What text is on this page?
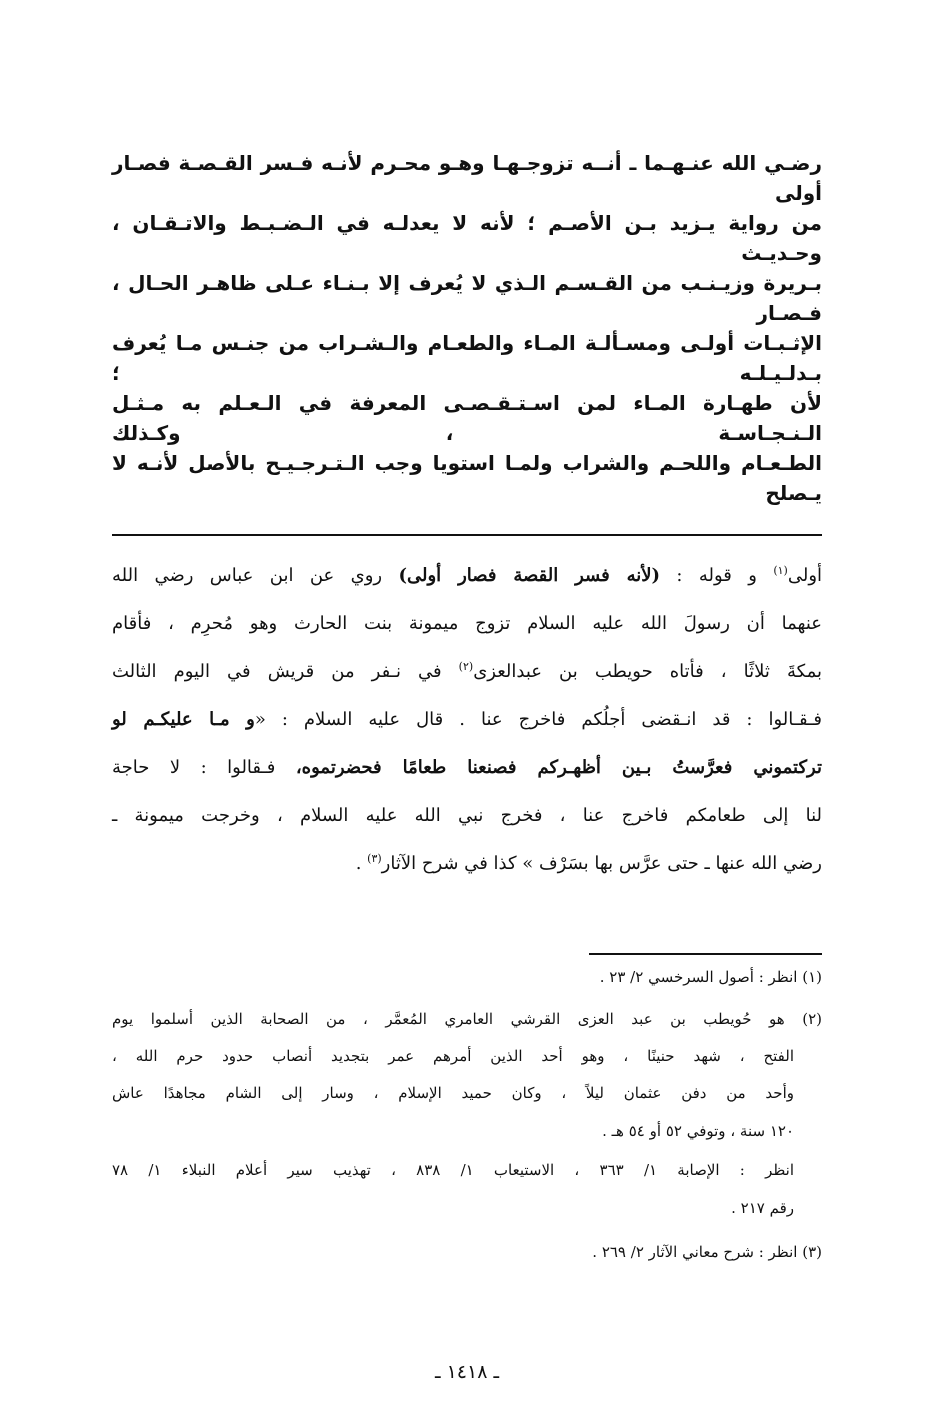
رضـي الله عنـهـما ـ أنــه تزوجـهـا وهـو محـرم لأنـه فـسر القـصـة فصـار أولى
من رواية يـزيد بـن الأصـم ؛ لأنه لا يعدلـه في الـضـبـط والاتـقـان ، وحـديـث
بـريرة وزيـنـب من القـسـم الـذي لا يُعرف إلا بـنـاء عـلى ظاهـر الحـال ، فـصـار
الإثـبـات أولـى ومسـألـة المـاء والطعـام والـشـراب من جنـس مـا يُعرف بـدلـيـلـه ؛
لأن طهـارة المـاء لمن اسـتـقـصـى المعرفة في الـعـلم به مـثـل الـنـجـاسـة ، وكـذلك
الطـعـام واللحـم والشراب ولمـا استويا وجب الـتـرجـيـح بالأصل لأنـه لا يـصلح
أولى$^{(١)}$ و قوله : (لأنه فسر القصة فصار أولى) روي عن ابن عباس رضي الله
عنهما أن رسولَ الله عليه السلام تزوج ميمونة بنت الحارث وهو مُحرِم ، فأقام
بمكةَ ثلاثًا ، فأتاه حويطب بن عبدالعزى$^{(٢)}$ في نـفر من قريش في اليوم الثالث
فـقـالوا : قد انـقضى أجلُكم فاخرج عنا . قال عليه السلام : «و مـا عليكـم لو
تركتموني فعرَّستُ بـين أظهـركم فصنعنا طعامًا فحضرتموه، فـقالوا : لا حاجة
لنا إلى طعامكم فاخرج عنا ، فخرج نبي الله عليه السلام ، وخرجت ميمونة ـ
رضي الله عنها ـ حتى عرَّس بها بسَرْف » كذا في شرح الآثار$^{(٣)}$ .
(١) انظر : أصول السرخسي ٢/ ٢٣ .
(٢) هو حُويطب بن عبد العزى القرشي العامري المُعمَّر ، من الصحابة الذين أسلموا يوم
الفتح ، شهد حنينًا ، وهو أحد الذين أمرهم عمر بتجديد أنصاب حدود حرم الله ،
وأحد من دفن عثمان ليلاً ، وكان حميد الإسلام ، وسار إلى الشام مجاهدًا عاش
١٢٠ سنة ، وتوفي ٥٢ أو ٥٤ هـ .
انظر : الإصابة ١/ ٣٦٣ ، الاستيعاب ١/ ٨٣٨ ، تهذيب سير أعلام النبلاء ١/ ٧٨
رقم ٢١٧ .
(٣) انظر : شرح معاني الآثار ٢/ ٢٦٩ .
ـ ١٤١٨ ـ
